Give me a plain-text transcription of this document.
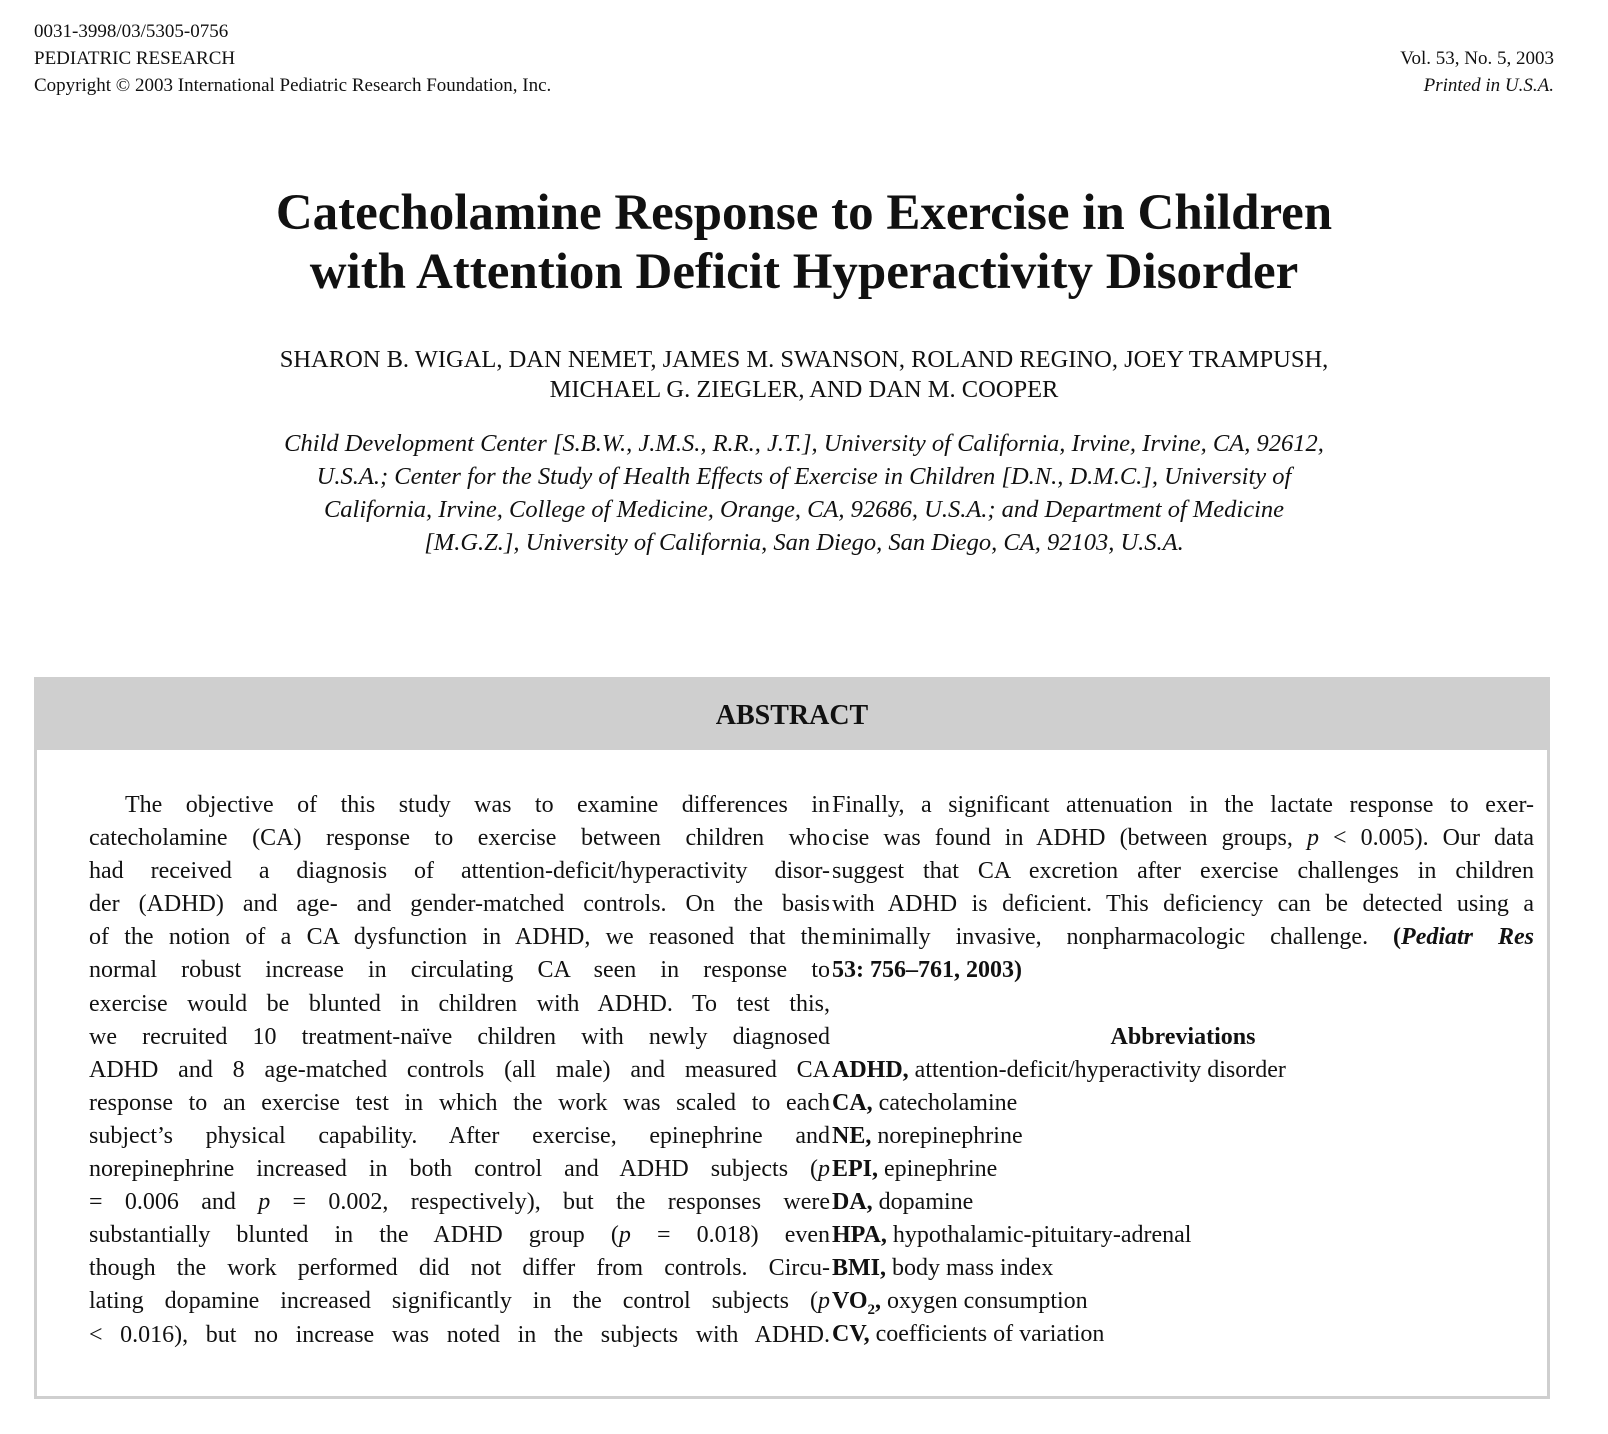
0031-3998/03/5305-0756
PEDIATRIC RESEARCH
Copyright © 2003 International Pediatric Research Foundation, Inc.
Vol. 53, No. 5, 2003
Printed in U.S.A.
Catecholamine Response to Exercise in Children
with Attention Deficit Hyperactivity Disorder
SHARON B. WIGAL, DAN NEMET, JAMES M. SWANSON, ROLAND REGINO, JOEY TRAMPUSH,
MICHAEL G. ZIEGLER, AND DAN M. COOPER
Child Development Center [S.B.W., J.M.S., R.R., J.T.], University of California, Irvine, Irvine, CA, 92612,
U.S.A.; Center for the Study of Health Effects of Exercise in Children [D.N., D.M.C.], University of
California, Irvine, College of Medicine, Orange, CA, 92686, U.S.A.; and Department of Medicine
[M.G.Z.], University of California, San Diego, San Diego, CA, 92103, U.S.A.
ABSTRACT
The objective of this study was to examine differences in
catecholamine (CA) response to exercise between children who
had received a diagnosis of attention-deficit/hyperactivity disor-
der (ADHD) and age- and gender-matched controls. On the basis
of the notion of a CA dysfunction in ADHD, we reasoned that the
normal robust increase in circulating CA seen in response to
exercise would be blunted in children with ADHD. To test this,
we recruited 10 treatment-naïve children with newly diagnosed
ADHD and 8 age-matched controls (all male) and measured CA
response to an exercise test in which the work was scaled to each
subject’s physical capability. After exercise, epinephrine and
norepinephrine increased in both control and ADHD subjects (p
= 0.006 and p = 0.002, respectively), but the responses were
substantially blunted in the ADHD group (p = 0.018) even
though the work performed did not differ from controls. Circu-
lating dopamine increased significantly in the control subjects (p
< 0.016), but no increase was noted in the subjects with ADHD.
Finally, a significant attenuation in the lactate response to exer-
cise was found in ADHD (between groups, p < 0.005). Our data
suggest that CA excretion after exercise challenges in children
with ADHD is deficient. This deficiency can be detected using a
minimally invasive, nonpharmacologic challenge. (Pediatr Res
53: 756–761, 2003)
Abbreviations
ADHD, attention-deficit/hyperactivity disorder
CA, catecholamine
NE, norepinephrine
EPI, epinephrine
DA, dopamine
HPA, hypothalamic-pituitary-adrenal
BMI, body mass index
$VO_2$, oxygen consumption
CV, coefficients of variation
